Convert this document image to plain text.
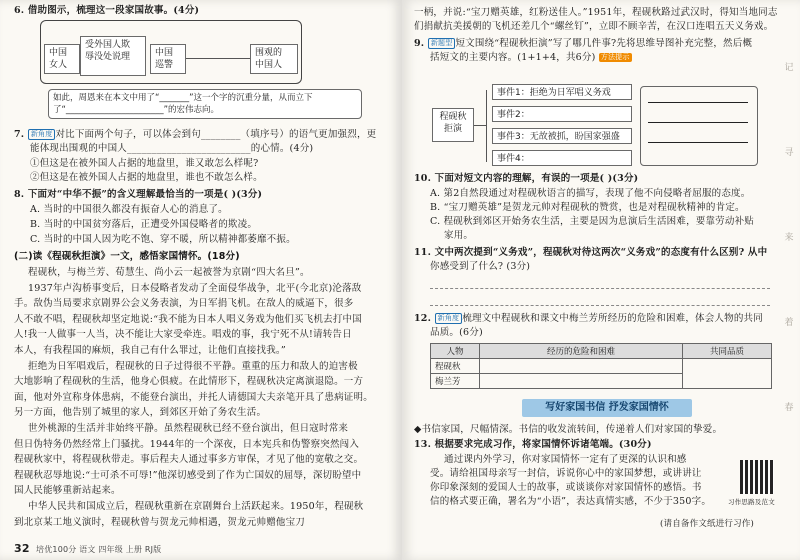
6. 借助图示，梳理这一段家国故事。(4分)
中国
女人
受外国人欺
辱没处说理	中国
巡警
围观的
中国人
如此，周恩来在本文中用了“_______”这一个字的沉重分量，从而立下了“_______________________”的宏伟志向。
7. 新角度 对比下面两个句子，可以体会到句________（填序号）的语气更加强烈，更
能体现出围观的中国人_________________________的心情。(4分)
①但这是在被外国人占据的地盘里，谁又敢怎么样呢?
②但这是在被外国人占据的地盘里，谁也不敢怎么样。
8. 下面对“中华不振”的含义理解最恰当的一项是( )(3分)
A. 当时的中国很久都没有振奋人心的消息了。
B. 当时的中国贫穷落后，正遭受外国侵略者的欺凌。
C. 当时的中国人因为吃不饱、穿不暖，所以精神都萎靡不振。
(二)读《程砚秋拒演》一文，感悟家国情怀。(18分)
程砚秋，与梅兰芳、荀慧生、尚小云一起被誉为京剧“四大名旦”。
1937年卢沟桥事变后，日本侵略者发动了全面侵华战争，北平(今北京)沦落敌
手。敌伪当局要求京剧界公会义务表演，为日军捐飞机。在敌人的威逼下，很多
人不敢不唱，程砚秋却坚定地说:“我不能为日本人唱义务戏为他们买飞机去打中国
人!我一人做事一人当，决不能让大家受牵连。唱戏的事，我宁死不从!请转告日
本人，有我程国的麻烦，我自己有什么罪过，让他们直接找我。”
拒绝为日军唱戏后，程砚秋的日子过得很不平静。重重的压力和敌人的迫害极
大地影响了程砚秋的生活，他身心俱疲。在此情形下，程砚秋决定离演退隐。一方
面，他对外宣称身体患病，不能登台演出，并托人请德国大夫亲笔开具了患病证明。
另一方面，他告别了城里的家人，到郊区开始了务农生活。
世外桃源的生活并非始终平静。虽然程砚秋已经不登台演出，但日寇时常来
但日伪特务仍然经常上门骚扰。1944年的一个深夜，日本宪兵和伪警察突然闯入
程砚秋家中，将程砚秋带走。事后程夫人通过事多方审保，才见了他的宽敬之交。
程砚秋忍辱地说:“士可杀不可辱!”他深切感受到了作为亡国奴的屈辱，深切盼望中
国人民能够重新站起来。
中华人民共和国成立后，程砚秋重新在京剧舞台上活跃起来。1950年，程砚秋
到北京某工地义演时，程砚秋曾与贺龙元帅相遇，贺龙元帅赠他宝刀
32 培优100分 语文 四年级 上册 RJ版
一柄，并说:“宝刀赠英雄，红粉送佳人。”1951年，程砚秋路过武汉时，得知当地同志
们捐献抗美援朝的飞机还差几个“螺丝钉”，立即不顾辛苦，在汉口连唱五天义务戏。
9. 新题型 短文围绕“程砚秋拒演”写了哪几件事?先将思维导图补充完整，然后概
括短文的主要内容。(1+1+4，共6分) 方法提示
程砚秋
拒演
事件1：拒绝为日军唱义务戏
事件2：
事件3：无故被抓，盼国家强盛
事件4：
10. 下面对短文内容的理解，有误的一项是( )(3分)
A. 第2自然段通过对程砚秋语言的描写，表现了他不向侵略者屈服的态度。
B. “宝刀赠英雄”是贺龙元帅对程砚秋的赞赏，也是对程砚秋精神的肯定。
C. 程砚秋到郊区开始务农生活，主要是因为息演后生活困难，要靠劳动补贴
家用。
11. 文中两次提到“义务戏”，程砚秋对待这两次“义务戏”的态度有什么区别? 从中
你感受到了什么? (3分)
12. 新角度 梳理文中程砚秋和课文中梅兰芳所经历的危险和困难，体会人物的共同
品质。(6分)
人物	经历的危险和困难	共同品质
程砚秋		
梅兰芳		
写好家国书信 抒发家国情怀
◆书信家国，尺幅情深。书信的收发流转间，传递着人们对家国的挚爱。
13. 根据要求完成习作，将家国情怀诉诸笔端。(30分)
通过课内外学习，你对家国情怀一定有了更深的认识和感
受。请给祖国母亲写一封信，诉说你心中的家国梦想，或讲讲让
你印象深刻的爱国人士的故事，或谈谈你对家国情怀的感悟。书
信的格式要正确，署名为“小语”，表达真情实感，不少于350字。	习作思路及范文
(请自备作文纸进行习作)
记
寻
来
着
春
